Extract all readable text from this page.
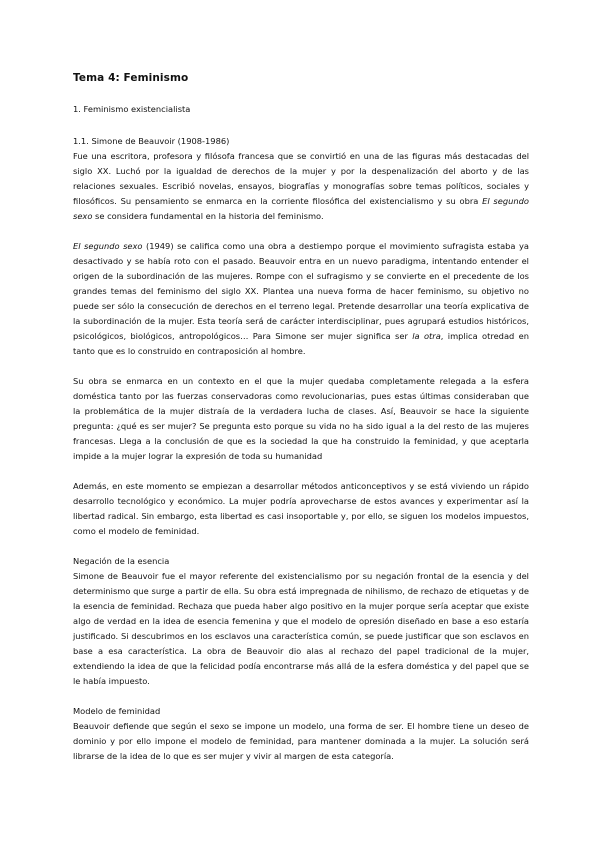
Tema 4: Feminismo
1. Feminismo existencialista
1.1. Simone de Beauvoir (1908-1986)

Fue una escritora, profesora y filósofa francesa que se convirtió en una de las figuras más destacadas del siglo XX. Luchó por la igualdad de derechos de la mujer y por la despenalización del aborto y de las relaciones sexuales. Escribió novelas, ensayos, biografías y monografías sobre temas políticos, sociales y filosóficos. Su pensamiento se enmarca en la corriente filosófica del existencialismo y su obra El segundo sexo se considera fundamental en la historia del feminismo.

El segundo sexo (1949) se califica como una obra a destiempo porque el movimiento sufragista estaba ya desactivado y se había roto con el pasado. Beauvoir entra en un nuevo paradigma, intentando entender el origen de la subordinación de las mujeres. Rompe con el sufragismo y se convierte en el precedente de los grandes temas del feminismo del siglo XX. Plantea una nueva forma de hacer feminismo, su objetivo no puede ser sólo la consecución de derechos en el terreno legal. Pretende desarrollar una teoría explicativa de la subordinación de la mujer. Esta teoría será de carácter interdisciplinar, pues agrupará estudios históricos, psicológicos, biológicos, antropológicos… Para Simone ser mujer significa ser la otra, implica otredad en tanto que es lo construido en contraposición al hombre.

Su obra se enmarca en un contexto en el que la mujer quedaba completamente relegada a la esfera doméstica tanto por las fuerzas conservadoras como revolucionarias, pues estas últimas consideraban que la problemática de la mujer distraía de la verdadera lucha de clases. Así, Beauvoir se hace la siguiente pregunta: ¿qué es ser mujer? Se pregunta esto porque su vida no ha sido igual a la del resto de las mujeres francesas. Llega a la conclusión de que es la sociedad la que ha construido la feminidad, y que aceptarla impide a la mujer lograr la expresión de toda su humanidad

Además, en este momento se empiezan a desarrollar métodos anticonceptivos y se está viviendo un rápido desarrollo tecnológico y económico. La mujer podría aprovecharse de estos avances y experimentar así la libertad radical. Sin embargo, esta libertad es casi insoportable y, por ello, se siguen los modelos impuestos, como el modelo de feminidad.

Negación de la esencia

Simone de Beauvoir fue el mayor referente del existencialismo por su negación frontal de la esencia y del determinismo que surge a partir de ella. Su obra está impregnada de nihilismo, de rechazo de etiquetas y de la esencia de feminidad. Rechaza que pueda haber algo positivo en la mujer porque sería aceptar que existe algo de verdad en la idea de esencia femenina y que el modelo de opresión diseñado en base a eso estaría justificado. Si descubrimos en los esclavos una característica común, se puede justificar que son esclavos en base a esa característica. La obra de Beauvoir dio alas al rechazo del papel tradicional de la mujer, extendiendo la idea de que la felicidad podía encontrarse más allá de la esfera doméstica y del papel que se le había impuesto.

Modelo de feminidad

Beauvoir defiende que según el sexo se impone un modelo, una forma de ser. El hombre tiene un deseo de dominio y por ello impone el modelo de feminidad, para mantener dominada a la mujer. La solución será librarse de la idea de lo que es ser mujer y vivir al margen de esta categoría.
